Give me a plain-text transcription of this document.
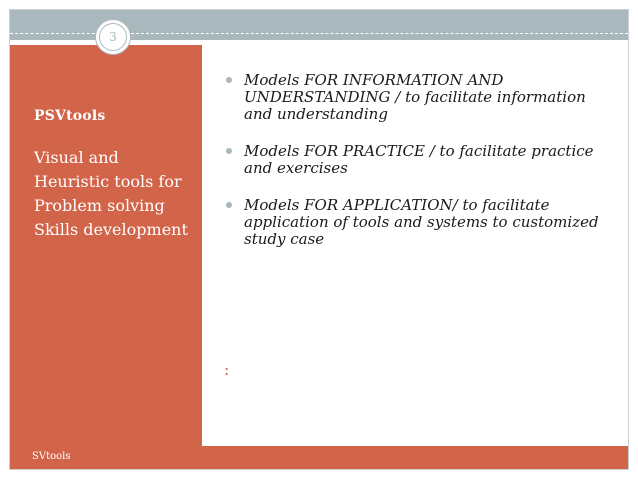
3
PSVtools
Visual and Heuristic tools for Problem solving Skills development
Models FOR INFORMATION AND UNDERSTANDING / to facilitate information and understanding
Models FOR PRACTICE / to facilitate practice and exercises
Models FOR APPLICATION/ to facilitate application of tools and systems to customized study case
:
SVtools
